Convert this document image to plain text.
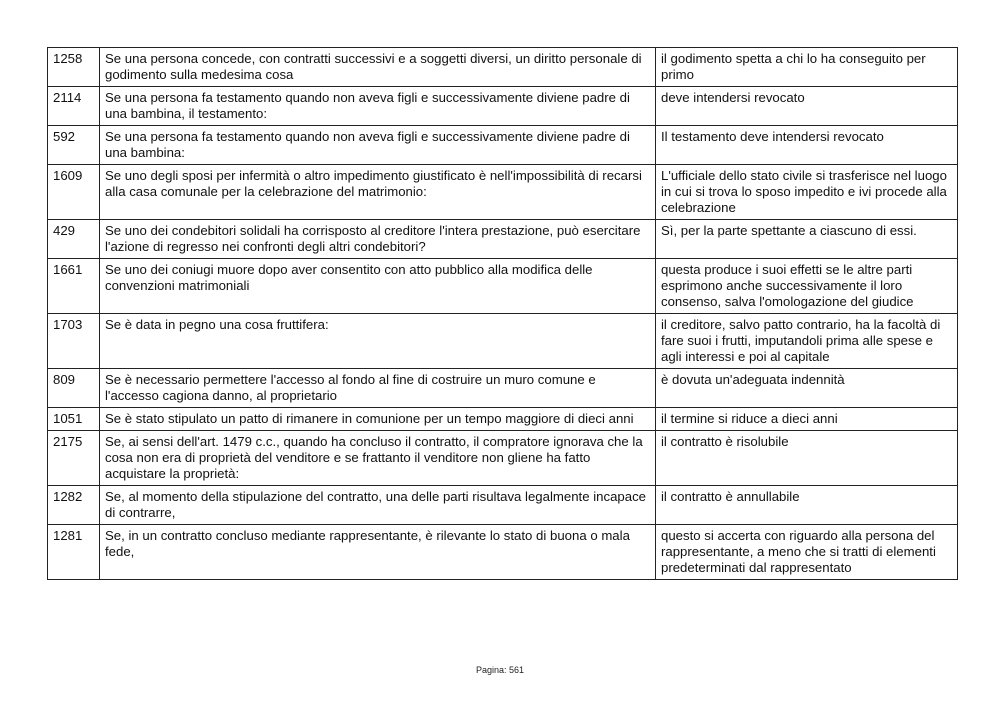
1258	Se una persona concede, con contratti successivi e a soggetti diversi, un diritto personale di godimento sulla medesima cosa	il godimento spetta a chi lo ha conseguito per primo
2114	Se una persona fa testamento quando non aveva figli e successivamente diviene padre di una bambina, il testamento:	deve intendersi revocato
592	Se una persona fa testamento quando non aveva figli e successivamente diviene padre di una bambina:	Il testamento deve intendersi revocato
1609	Se uno degli sposi per infermità o altro impedimento giustificato è nell'impossibilità di recarsi alla casa comunale per la celebrazione del matrimonio:	L'ufficiale dello stato civile si trasferisce nel luogo in cui si trova lo sposo impedito e ivi procede alla celebrazione
429	Se uno dei condebitori solidali ha corrisposto al creditore l'intera prestazione, può esercitare l'azione di regresso nei confronti degli altri condebitori?	Sì, per la parte spettante a ciascuno di essi.
1661	Se uno dei coniugi muore dopo aver consentito con atto pubblico alla modifica delle convenzioni matrimoniali	questa produce i suoi effetti se le altre parti esprimono anche successivamente il loro consenso, salva l'omologazione del giudice
1703	Se è data in pegno una cosa fruttifera:	il creditore, salvo patto contrario, ha la facoltà di fare suoi i frutti, imputandoli prima alle spese e agli interessi e poi al capitale
809	Se è necessario permettere l'accesso al fondo al fine di costruire un muro comune e l'accesso cagiona danno, al proprietario	è dovuta un'adeguata indennità
1051	Se è stato stipulato un patto di rimanere in comunione per un tempo maggiore di dieci anni	il termine si riduce a dieci anni
2175	Se, ai sensi dell'art. 1479 c.c., quando ha concluso il contratto, il compratore ignorava che la cosa non era di proprietà del venditore e se frattanto il venditore non gliene ha fatto acquistare la proprietà:	il contratto è risolubile
1282	Se, al momento della stipulazione del contratto, una delle parti risultava legalmente incapace di contrarre,	il contratto è annullabile
1281	Se, in un contratto concluso mediante rappresentante, è rilevante lo stato di buona o mala fede,	questo si accerta con riguardo alla persona del rappresentante, a meno che si tratti di elementi predeterminati dal rappresentato
Pagina: 561
